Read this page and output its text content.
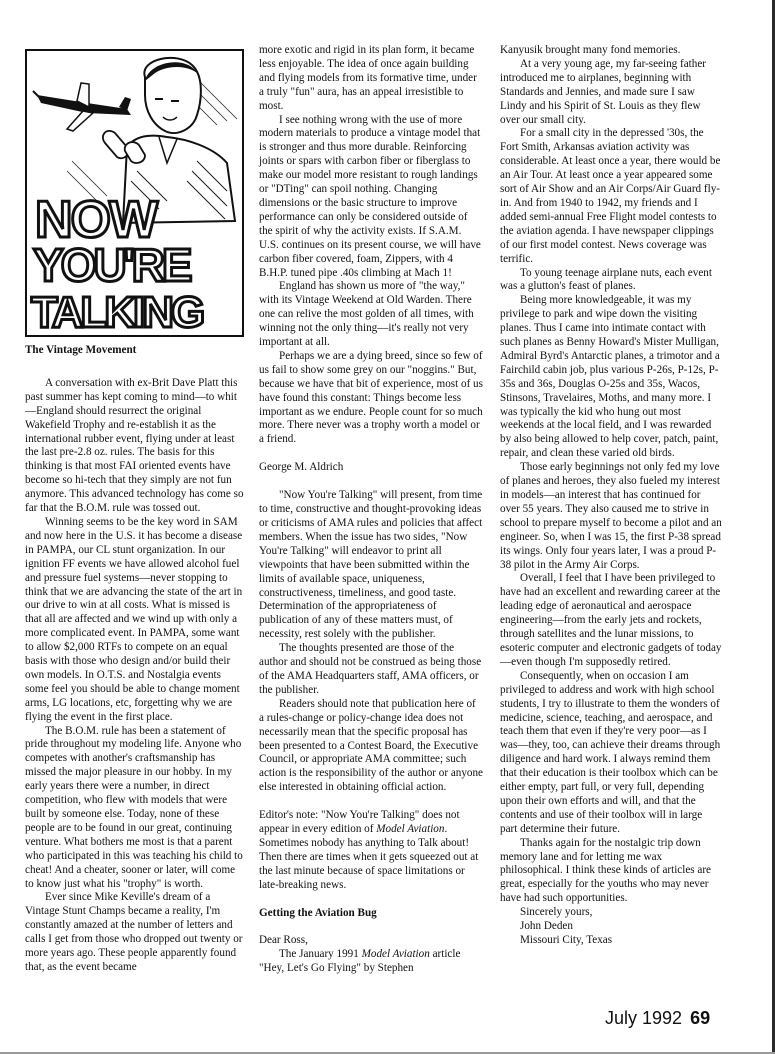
NOW
YOU'RE
TALKING

The Vintage Movement

A conversation with ex-Brit Dave Platt this past summer has kept coming to mind—to whit—England should resurrect the original Wakefield Trophy and re-establish it as the international rubber event, flying under at least the last pre-2.8 oz. rules. The basis for this thinking is that most FAI oriented events have become so hi-tech that they simply are not fun anymore. This advanced technology has come so far that the B.O.M. rule was tossed out.

Winning seems to be the key word in SAM and now here in the U.S. it has become a disease in PAMPA, our CL stunt organization. In our ignition FF events we have allowed alcohol fuel and pressure fuel systems—never stopping to think that we are advancing the state of the art in our drive to win at all costs. What is missed is that all are affected and we wind up with only a more complicated event. In PAMPA, some want to allow $2,000 RTFs to compete on an equal basis with those who design and/or build their own models. In O.T.S. and Nostalgia events some feel you should be able to change moment arms, LG locations, etc, forgetting why we are flying the event in the first place.

The B.O.M. rule has been a statement of pride throughout my modeling life. Anyone who competes with another's craftsmanship has missed the major pleasure in our hobby. In my early years there were a number, in direct competition, who flew with models that were built by someone else. Today, none of these people are to be found in our great, continuing venture. What bothers me most is that a parent who participated in this was teaching his child to cheat! And a cheater, sooner or later, will come to know just what his "trophy" is worth.

Ever since Mike Keville's dream of a Vintage Stunt Champs became a reality, I'm constantly amazed at the number of letters and calls I get from those who dropped out twenty or more years ago. These people apparently found that, as the event became

more exotic and rigid in its plan form, it became less enjoyable. The idea of once again building and flying models from its formative time, under a truly "fun" aura, has an appeal irresistible to most.

I see nothing wrong with the use of more modern materials to produce a vintage model that is stronger and thus more durable. Reinforcing joints or spars with carbon fiber or fiberglass to make our model more resistant to rough landings or "DTing" can spoil nothing. Changing dimensions or the basic structure to improve performance can only be considered outside of the spirit of why the activity exists. If S.A.M. U.S. continues on its present course, we will have carbon fiber covered, foam, Zippers, with 4 B.H.P. tuned pipe .40s climbing at Mach 1!

England has shown us more of "the way," with its Vintage Weekend at Old Warden. There one can relive the most golden of all times, with winning not the only thing—it's really not very important at all.

Perhaps we are a dying breed, since so few of us fail to show some grey on our "noggins." But, because we have that bit of experience, most of us have found this constant: Things become less important as we endure. People count for so much more. There never was a trophy worth a model or a friend.

George M. Aldrich

"Now You're Talking" will present, from time to time, constructive and thought-provoking ideas or criticisms of AMA rules and policies that affect members. When the issue has two sides, "Now You're Talking" will endeavor to print all viewpoints that have been submitted within the limits of available space, uniqueness, constructiveness, timeliness, and good taste. Determination of the appropriateness of publication of any of these matters must, of necessity, rest solely with the publisher.

The thoughts presented are those of the author and should not be construed as being those of the AMA Headquarters staff, AMA officers, or the publisher.

Readers should note that publication here of a rules-change or policy-change idea does not necessarily mean that the specific proposal has been presented to a Contest Board, the Executive Council, or appropriate AMA committee; such action is the responsibility of the author or anyone else interested in obtaining official action.

Editor's note: "Now You're Talking" does not appear in every edition of Model Aviation. Sometimes nobody has anything to Talk about! Then there are times when it gets squeezed out at the last minute because of space limitations or late-breaking news.

Getting the Aviation Bug

Dear Ross,

The January 1991 Model Aviation article "Hey, Let's Go Flying" by Stephen

Kanyusik brought many fond memories.

At a very young age, my far-seeing father introduced me to airplanes, beginning with Standards and Jennies, and made sure I saw Lindy and his Spirit of St. Louis as they flew over our small city.

For a small city in the depressed '30s, the Fort Smith, Arkansas aviation activity was considerable. At least once a year, there would be an Air Tour. At least once a year appeared some sort of Air Show and an Air Corps/Air Guard fly-in. And from 1940 to 1942, my friends and I added semi-annual Free Flight model contests to the aviation agenda. I have newspaper clippings of our first model contest. News coverage was terrific.

To young teenage airplane nuts, each event was a glutton's feast of planes.

Being more knowledgeable, it was my privilege to park and wipe down the visiting planes. Thus I came into intimate contact with such planes as Benny Howard's Mister Mulligan, Admiral Byrd's Antarctic planes, a trimotor and a Fairchild cabin job, plus various P-26s, P-12s, P-35s and 36s, Douglas O-25s and 35s, Wacos, Stinsons, Travelaires, Moths, and many more. I was typically the kid who hung out most weekends at the local field, and I was rewarded by also being allowed to help cover, patch, paint, repair, and clean these varied old birds.

Those early beginnings not only fed my love of planes and heroes, they also fueled my interest in models—an interest that has continued for over 55 years. They also caused me to strive in school to prepare myself to become a pilot and an engineer. So, when I was 15, the first P-38 spread its wings. Only four years later, I was a proud P-38 pilot in the Army Air Corps.

Overall, I feel that I have been privileged to have had an excellent and rewarding career at the leading edge of aeronautical and aerospace engineering—from the early jets and rockets, through satellites and the lunar missions, to esoteric computer and electronic gadgets of today—even though I'm supposedly retired.

Consequently, when on occasion I am privileged to address and work with high school students, I try to illustrate to them the wonders of medicine, science, teaching, and aerospace, and teach them that even if they're very poor—as I was—they, too, can achieve their dreams through diligence and hard work. I always remind them that their education is their toolbox which can be either empty, part full, or very full, depending upon their own efforts and will, and that the contents and use of their toolbox will in large part determine their future.

Thanks again for the nostalgic trip down memory lane and for letting me wax philosophical. I think these kinds of articles are great, especially for the youths who may never have had such opportunities.

Sincerely yours,

John Deden

Missouri City, Texas

July 1992 69
